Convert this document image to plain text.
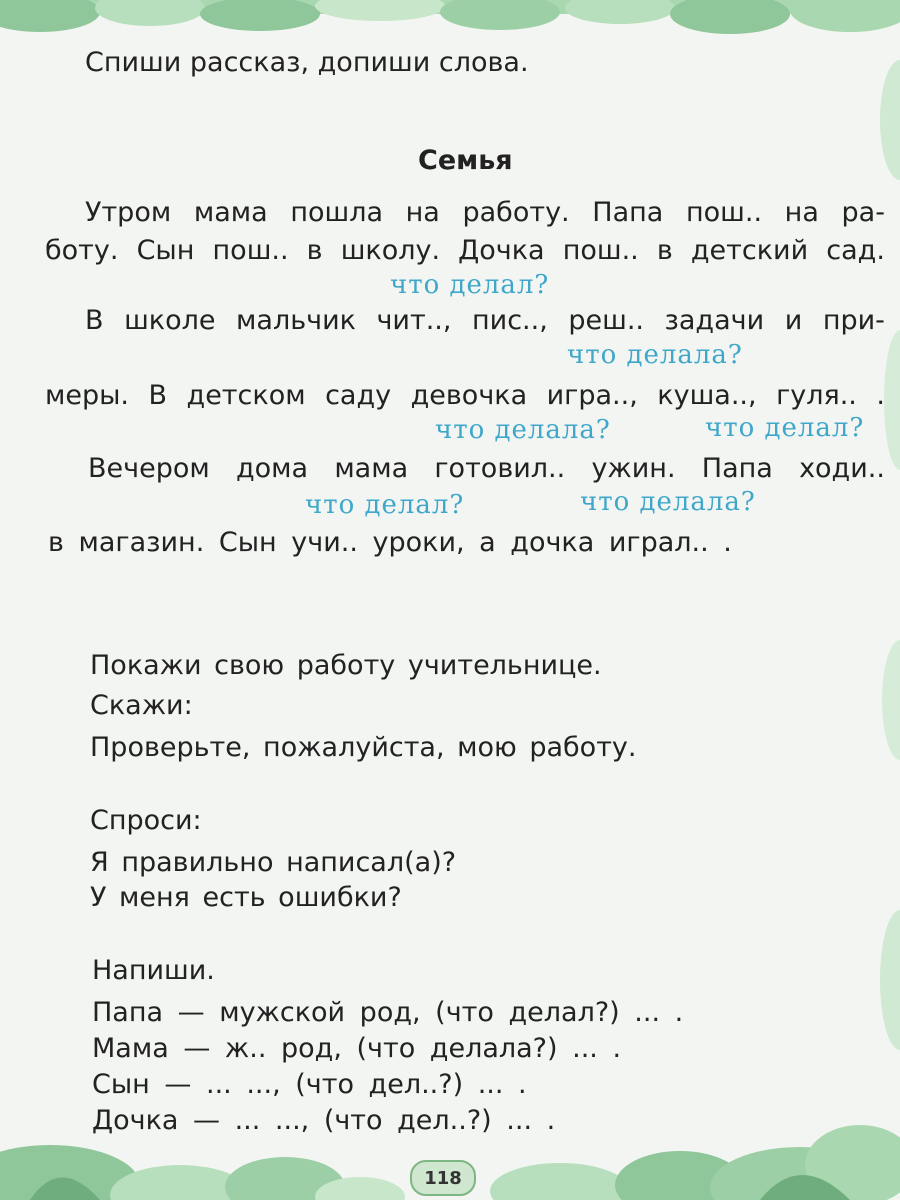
Спиши рассказ, допиши слова.
Семья
Утром мама пошла на работу. Папа пош.. на ра-
боту. Сын пош.. в школу. Дочка пош.. в детский сад.
что делал?
В школе мальчик чит.., пис.., реш.. задачи и при-
что делала?
меры. В детском саду девочка игра.., куша.., гуля.. .
что делала?	что делал?
Вечером дома мама готовил.. ужин. Папа ходи..
что делал?	что делала?
в магазин. Сын учи.. уроки, а дочка играл.. .
Покажи свою работу учительнице.
Скажи:
Проверьте, пожалуйста, мою работу.
Спроси:
Я правильно написал(а)?
У меня есть ошибки?
Напиши.
Папа — мужской род, (что делал?) ... .
Мама — ж.. род, (что делала?) ... .
Сын — ... ..., (что дел..?) ... .
Дочка — ... ..., (что дел..?) ... .
118
